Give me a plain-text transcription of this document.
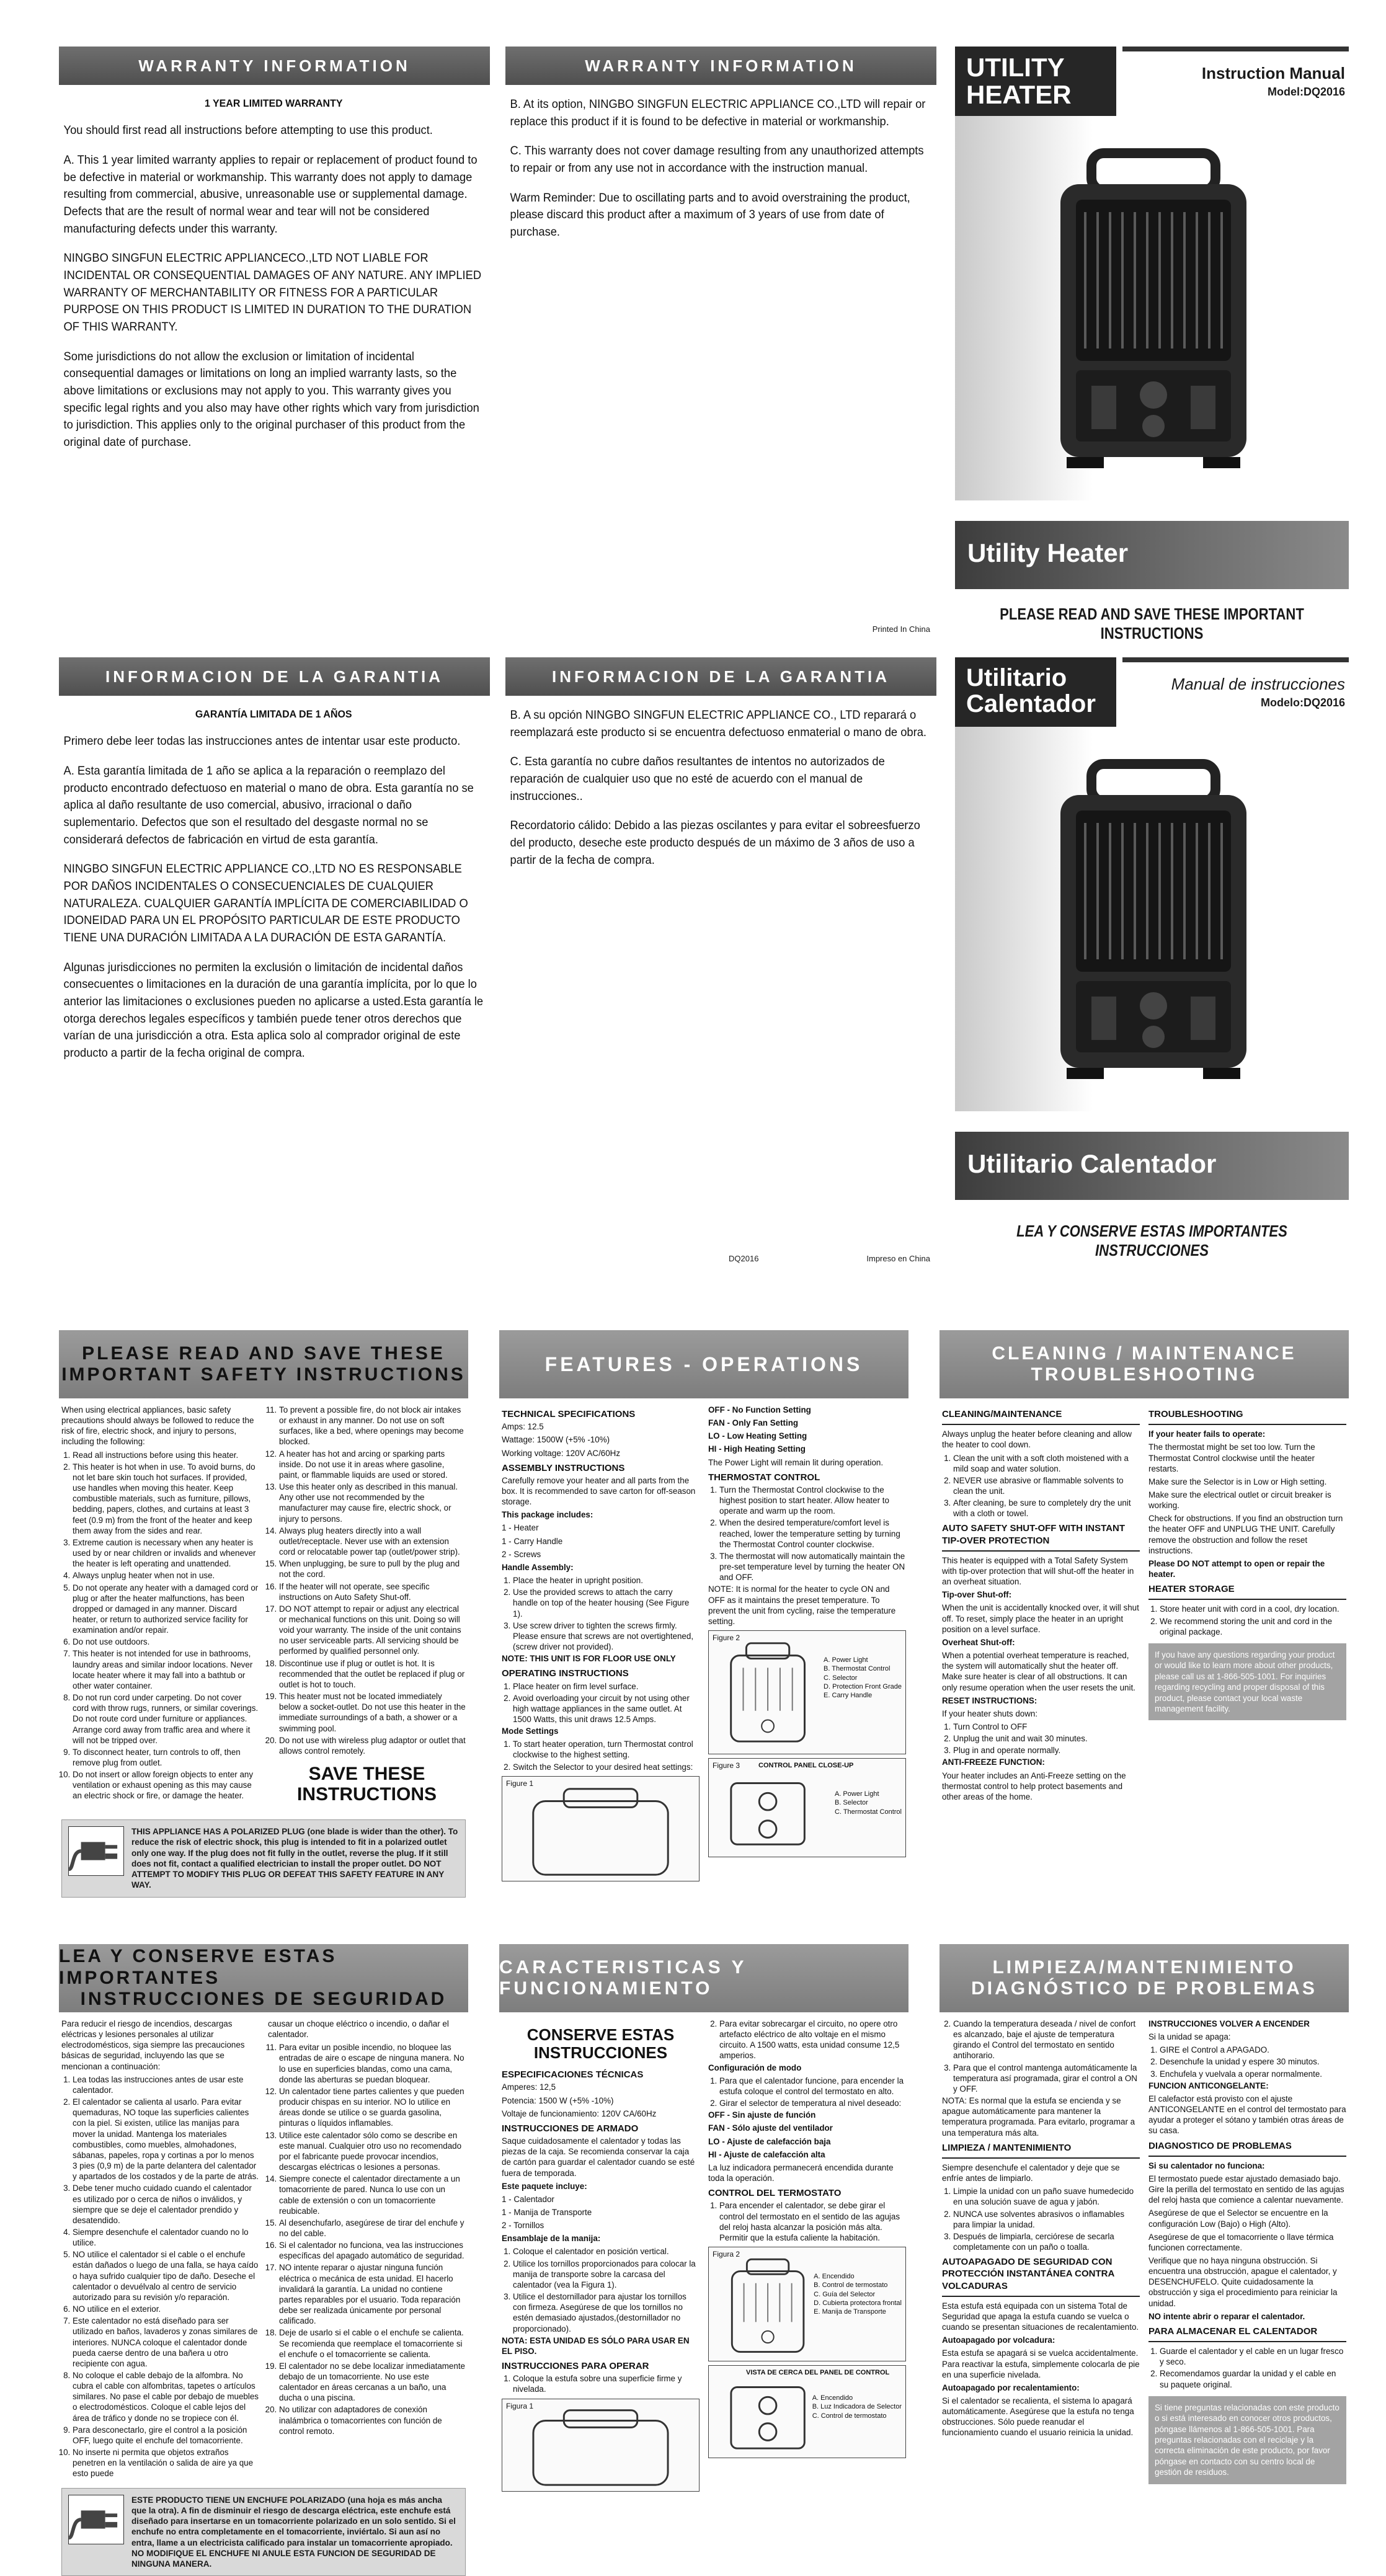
WARRANTY INFORMATION

1 YEAR LIMITED WARRANTY

You should first read all instructions before attempting to use this product.

A. This 1 year limited warranty applies to repair or replacement of product found to be defective in material or workmanship. This warranty does not apply to damage resulting from commercial, abusive, unreasonable use or supplemental damage. Defects that are the result of normal wear and tear will not be considered manufacturing defects under this warranty.

NINGBO SINGFUN ELECTRIC APPLIANCECO.,LTD NOT LIABLE FOR INCIDENTAL OR CONSEQUENTIAL DAMAGES OF ANY NATURE. ANY IMPLIED WARRANTY OF MERCHANTABILITY OR FITNESS FOR A PARTICULAR PURPOSE ON THIS PRODUCT IS LIMITED IN DURATION TO THE DURATION OF THIS WARRANTY.

Some jurisdictions do not allow the exclusion or limitation of incidental consequential damages or limitations on long an implied warranty lasts, so the above limitations or exclusions may not apply to you. This warranty gives you specific legal rights and you also may have other rights which vary from jurisdiction to jurisdiction. This applies only to the original purchaser of this product from the original date of purchase.

INFORMACION DE LA GARANTIA

GARANTÍA LIMITADA DE 1 AÑOS

Primero debe leer todas las instrucciones antes de intentar usar este producto.

A. Esta garantía limitada de 1 año se aplica a la reparación o reemplazo del producto encontrado defectuoso en material o mano de obra. Esta garantía no se aplica al daño resultante de uso comercial, abusivo, irracional o daño suplementario. Defectos que son el resultado del desgaste normal no se considerará defectos de fabricación en virtud de esta garantía.

NINGBO SINGFUN ELECTRIC APPLIANCE CO.,LTD NO ES RESPONSABLE POR DAÑOS INCIDENTALES O CONSECUENCIALES DE CUALQUIER NATURALEZA. CUALQUIER GARANTÍA IMPLÍCITA DE COMERCIABILIDAD O IDONEIDAD PARA UN EL PROPÓSITO PARTICULAR DE ESTE PRODUCTO TIENE UNA DURACIÓN LIMITADA A LA DURACIÓN DE ESTA GARANTÍA.

Algunas jurisdicciones no permiten la exclusión o limitación de incidental daños consecuentes o limitaciones en la duración de una garantía implícita, por lo que lo anterior las limitaciones o exclusiones pueden no aplicarse a usted.Esta garantía le otorga derechos legales específicos y también puede tener otros derechos que varían de una jurisdicción a otra. Esta aplica solo al comprador original de este producto a partir de la fecha original de compra.

WARRANTY INFORMATION

B. At its option, NINGBO SINGFUN ELECTRIC APPLIANCE CO.,LTD will repair or replace this product if it is found to be defective in material or workmanship.

C. This warranty does not cover damage resulting from any unauthorized attempts to repair or from any use not in accordance with the instruction manual.

Warm Reminder: Due to oscillating parts and to avoid overstraining the product, please discard this product after a maximum of 3 years of use from date of purchase.

Printed In China
INFORMACION DE LA GARANTIA

B. A su opción NINGBO SINGFUN ELECTRIC APPLIANCE CO., LTD reparará o reemplazará este producto si se encuentra defectuoso enmaterial o mano de obra.

C. Esta garantía no cubre daños resultantes de intentos no autorizados de reparación de cualquier uso que no esté de acuerdo con el manual de instrucciones..

Recordatorio cálido: Debido a las piezas oscilantes y para evitar el sobreesfuerzo del producto, deseche este producto después de un máximo de 3 años de uso a partir de la fecha de compra.

DQ2016	Impreso en China
UTILITY HEATER
Instruction Manual
Model:DQ2016
Utility Heater
PLEASE READ AND SAVE THESE IMPORTANT INSTRUCTIONS
Utilitario Calentador
Manual de instrucciones
Modelo:DQ2016
Utilitario Calentador
LEA Y CONSERVE ESTAS IMPORTANTES INSTRUCCIONES
PLEASE READ AND SAVE THESE
IMPORTANT SAFETY INSTRUCTIONS

When using electrical appliances, basic safety precautions should always be followed to reduce the risk of fire, electric shock, and injury to persons, including the following:

1. Read all instructions before using this heater.
2. This heater is hot when in use. To avoid burns, do not let bare skin touch hot surfaces. If provided, use handles when moving this heater. Keep combustible materials, such as furniture, pillows, bedding, papers, clothes, and curtains at least 3 feet (0.9 m) from the front of the heater and keep them away from the sides and rear.
3. Extreme caution is necessary when any heater is used by or near children or invalids and whenever the heater is left operating and unattended.
4. Always unplug heater when not in use.
5. Do not operate any heater with a damaged cord or plug or after the heater malfunctions, has been dropped or damaged in any manner. Discard heater, or return to authorized service facility for examination and/or repair.
6. Do not use outdoors.
7. This heater is not intended for use in bathrooms, laundry areas and similar indoor locations. Never locate heater where it may fall into a bathtub or other water container.
8. Do not run cord under carpeting. Do not cover cord with throw rugs, runners, or similar coverings. Do not route cord under furniture or appliances. Arrange cord away from traffic area and where it will not be tripped over.
9. To disconnect heater, turn controls to off, then remove plug from outlet.
10. Do not insert or allow foreign objects to enter any ventilation or exhaust opening as this may cause an electric shock or fire, or damage the heater.
11. To prevent a possible fire, do not block air intakes or exhaust in any manner. Do not use on soft surfaces, like a bed, where openings may become blocked.
12. A heater has hot and arcing or sparking parts inside. Do not use it in areas where gasoline, paint, or flammable liquids are used or stored.
13. Use this heater only as described in this manual. Any other use not recommended by the manufacturer may cause fire, electric shock, or injury to persons.
14. Always plug heaters directly into a wall outlet/receptacle. Never use with an extension cord or relocatable power tap (outlet/power strip).
15. When unplugging, be sure to pull by the plug and not the cord.
16. If the heater will not operate, see specific instructions on Auto Safety Shut-off.
17. DO NOT attempt to repair or adjust any electrical or mechanical functions on this unit. Doing so will void your warranty. The inside of the unit contains no user serviceable parts. All servicing should be performed by qualified personnel only.
18. Discontinue use if plug or outlet is hot. It is recommended that the outlet be replaced if plug or outlet is hot to touch.
19. This heater must not be located immediately below a socket-outlet. Do not use this heater in the immediate surroundings of a bath, a shower or a swimming pool.
20. Do not use with wireless plug adaptor or outlet that allows control remotely.
SAVE THESE INSTRUCTIONS
THIS APPLIANCE HAS A POLARIZED PLUG (one blade is wider than the other). To reduce the risk of electric shock, this plug is intended to fit in a polarized outlet only one way. If the plug does not fit fully in the outlet, reverse the plug. If it still does not fit, contact a qualified electrician to install the proper outlet. DO NOT ATTEMPT TO MODIFY THIS PLUG OR DEFEAT THIS SAFETY FEATURE IN ANY WAY.
LEA Y CONSERVE ESTAS IMPORTANTES
INSTRUCCIONES DE SEGURIDAD

Para reducir el riesgo de incendios, descargas eléctricas y lesiones personales al utilizar electrodomésticos, siga siempre las precauciones básicas de seguridad, incluyendo las que se mencionan a continuación:

1. Lea todas las instrucciones antes de usar este calentador.
2. El calentador se calienta al usarlo. Para evitar quemaduras, NO toque las superficies calientes con la piel. Si existen, utilice las manijas para mover la unidad. Mantenga los materiales combustibles, como muebles, almohadones, sábanas, papeles, ropa y cortinas a por lo menos 3 pies (0,9 m) de la parte delantera del calentador y apartados de los costados y de la parte de atrás.
3. Debe tener mucho cuidado cuando el calentador es utilizado por o cerca de niños o inválidos, y siempre que se deje el calentador prendido y desatendido.
4. Siempre desenchufe el calentador cuando no lo utilice.
5. NO utilice el calentador si el cable o el enchufe están dañados o luego de una falla, se haya caído o haya sufrido cualquier tipo de daño. Deseche el calentador o devuélvalo al centro de servicio autorizado para su revisión y/o reparación.
6. NO utilice en el exterior.
7. Este calentador no está diseñado para ser utilizado en baños, lavaderos y zonas similares de interiores. NUNCA coloque el calentador donde pueda caerse dentro de una bañera u otro recipiente con agua.
8. No coloque el cable debajo de la alfombra. No cubra el cable con alfombritas, tapetes o artículos similares. No pase el cable por debajo de muebles o electrodomésticos. Coloque el cable lejos del área de tráfico y donde no se tropiece con él.
9. Para desconectarlo, gire el control a la posición OFF, luego quite el enchufe del tomacorriente.
10. No inserte ni permita que objetos extraños penetren en la ventilación o salida de aire ya que esto puede

causar un choque eléctrico o incendio, o dañar el calentador.

11. Para evitar un posible incendio, no bloquee las entradas de aire o escape de ninguna manera. No lo use en superficies blandas, como una cama, donde las aberturas se puedan bloquear.
12. Un calentador tiene partes calientes y que pueden producir chispas en su interior. NO lo utilice en áreas donde se utilice o se guarda gasolina, pinturas o líquidos inflamables.
13. Utilice este calentador sólo como se describe en este manual. Cualquier otro uso no recomendado por el fabricante puede provocar incendios, descargas eléctricas o lesiones a personas.
14. Siempre conecte el calentador directamente a un tomacorriente de pared. Nunca lo use con un cable de extensión o con un tomacorriente reubicable.
15. Al desenchufarlo, asegúrese de tirar del enchufe y no del cable.
16. Si el calentador no funciona, vea las instrucciones específicas del apagado automático de seguridad.
17. NO intente reparar o ajustar ninguna función eléctrica o mecánica de esta unidad. El hacerlo invalidará la garantía. La unidad no contiene partes reparables por el usuario. Toda reparación debe ser realizada únicamente por personal calificado.
18. Deje de usarlo si el cable o el enchufe se calienta. Se recomienda que reemplace el tomacorriente si el enchufe o el tomacorriente se calienta.
19. El calentador no se debe localizar inmediatamente debajo de un tomacorriente. No use este calentador en áreas cercanas a un baño, una ducha o una piscina.
20. No utilizar con adaptadores de conexión inalámbrica o tomacorrientes con función de control remoto.
ESTE PRODUCTO TIENE UN ENCHUFE POLARIZADO (una hoja es más ancha que la otra). A fin de disminuir el riesgo de descarga eléctrica, este enchufe está diseñado para insertarse en un tomacorriente polarizado en un solo sentido. Si el enchufe no entra completamente en el tomacorriente, inviértalo. Si aun así no entra, llame a un electricista calificado para instalar un tomacorriente apropiado. NO MODIFIQUE EL ENCHUFE NI ANULE ESTA FUNCION DE SEGURIDAD DE NINGUNA MANERA.
FEATURES - OPERATIONS
TECHNICAL SPECIFICATIONS

Amps: 12.5

Wattage: 1500W (+5% -10%)

Working voltage: 120V AC/60Hz

ASSEMBLY INSTRUCTIONS

Carefully remove your heater and all parts from the box. It is recommended to save carton for off-season storage.

This package includes:

1 - Heater

1 - Carry Handle

2 - Screws

Handle Assembly:

1. Place the heater in upright position.
2. Use the provided screws to attach the carry handle on top of the heater housing (See Figure 1).
3. Use screw driver to tighten the screws firmly. Please ensure that screws are not overtightened, (screw driver not provided).

NOTE: THIS UNIT IS FOR FLOOR USE ONLY

OPERATING INSTRUCTIONS
1. Place heater on firm level surface.
2. Avoid overloading your circuit by not using other high wattage appliances in the same outlet. At 1500 Watts, this unit draws 12.5 Amps.

Mode Settings

1. To start heater operation, turn Thermostat control clockwise to the highest setting.
2. Switch the Selector to your desired heat settings:
Figure 1

OFF - No Function Setting

FAN - Only Fan Setting

LO - Low Heating Setting

HI - High Heating Setting

The Power Light will remain lit during operation.

THERMOSTAT CONTROL
1. Turn the Thermostat Control clockwise to the highest position to start heater. Allow heater to operate and warm up the room.
2. When the desired temperature/comfort level is reached, lower the temperature setting by turning the Thermostat Control counter clockwise.
3. The thermostat will now automatically maintain the pre-set temperature level by turning the heater ON and OFF.

NOTE: It is normal for the heater to cycle ON and OFF as it maintains the preset temperature. To prevent the unit from cycling, raise the temperature setting.

Figure 2
A. Power Light
B. Thermostat Control
C. Selector
D. Protection Front Grade
E. Carry Handle
Figure 3	CONTROL PANEL CLOSE-UP
A. Power Light
B. Selector
C. Thermostat Control
CARACTERISTICAS Y FUNCIONAMIENTO
CONSERVE ESTAS INSTRUCCIONES
ESPECIFICACIONES TÉCNICAS

Amperes: 12,5

Potencia: 1500 W (+5% -10%)

Voltaje de funcionamiento: 120V CA/60Hz

INSTRUCCIONES DE ARMADO

Saque cuidadosamente el calentador y todas las piezas de la caja. Se recomienda conservar la caja de cartón para guardar el calentador cuando se esté fuera de temporada.

Este paquete incluye:

1 - Calentador

1 - Manija de Transporte

2 - Tornillos

Ensamblaje de la manija:

1. Coloque el calentador en posición vertical.
2. Utilice los tornillos proporcionados para colocar la manija de transporte sobre la carcasa del calentador (vea la Figura 1).
3. Utilice el destornillador para ajustar los tornillos con firmeza. Asegúrese de que los tornillos no estén demasiado ajustados,(destornillador no proporcionado).

NOTA: ESTA UNIDAD ES SÓLO PARA USAR EN EL PISO.

INSTRUCCIONES PARA OPERAR
1. Coloque la estufa sobre una superficie firme y nivelada.
Figura 1
2. Para evitar sobrecargar el circuito, no opere otro artefacto eléctrico de alto voltaje en el mismo circuito. A 1500 watts, esta unidad consume 12,5 amperios.

Configuración de modo

1. Para que el calentador funcione, para encender la estufa coloque el control del termostato en alto.
2. Girar el selector de temperatura al nivel deseado:

OFF - Sin ajuste de función

FAN - Sólo ajuste del ventilador

LO - Ajuste de calefacción baja

HI - Ajuste de calefacción alta

La luz indicadora permanecerá encendida durante toda la operación.

CONTROL DEL TERMOSTATO
1. Para encender el calentador, se debe girar el control del termostato en el sentido de las agujas del reloj hasta alcanzar la posición más alta. Permitir que la estufa caliente la habitación.
Figura 2
A. Encendido
B. Control de termostato
C. Guía del Selector
D. Cubierta protectora frontal
E. Manija de Transporte
VISTA DE CERCA DEL PANEL DE CONTROL
A. Encendido
B. Luz Indicadora de Selector
C. Control de termostato
CLEANING / MAINTENANCE
TROUBLESHOOTING
CLEANING/MAINTENANCE

Always unplug the heater before cleaning and allow the heater to cool down.

1. Clean the unit with a soft cloth moistened with a mild soap and water solution.
2. NEVER use abrasive or flammable solvents to clean the unit.
3. After cleaning, be sure to completely dry the unit with a cloth or towel.
AUTO SAFETY SHUT-OFF WITH INSTANT TIP-OVER PROTECTION

This heater is equipped with a Total Safety System with tip-over protection that will shut-off the heater in an overheat situation.

Tip-over Shut-off:

When the unit is accidentally knocked over, it will shut off. To reset, simply place the heater in an upright position on a level surface.

Overheat Shut-off:

When a potential overheat temperature is reached, the system will automatically shut the heater off. Make sure heater is clear of all obstructions. It can only resume operation when the user resets the unit.

RESET INSTRUCTIONS:

If your heater shuts down:

1. Turn Control to OFF
2. Unplug the unit and wait 30 minutes.
3. Plug in and operate normally.

ANTI-FREEZE FUNCTION:

Your heater includes an Anti-Freeze setting on the thermostat control to help protect basements and other areas of the home.

TROUBLESHOOTING

If your heater fails to operate:

The thermostat might be set too low. Turn the Thermostat Control clockwise until the heater restarts.

Make sure the Selector is in Low or High setting.

Make sure the electrical outlet or circuit breaker is working.

Check for obstructions. If you find an obstruction turn the heater OFF and UNPLUG THE UNIT. Carefully remove the obstruction and follow the reset instructions.

Please DO NOT attempt to open or repair the heater.

HEATER STORAGE
1. Store heater unit with cord in a cool, dry location.
2. We recommend storing the unit and cord in the original package.
If you have any questions regarding your product or would like to learn more about other products, please call us at 1-866-505-1001. For inquiries regarding recycling and proper disposal of this product, please contact your local waste management facility.
LIMPIEZA/MANTENIMIENTO
DIAGNÓSTICO DE PROBLEMAS
2. Cuando la temperatura deseada / nivel de confort es alcanzado, baje el ajuste de temperatura girando el Control del termostato en sentido antihorario.
3. Para que el control mantenga automáticamente la temperatura así programada, girar el control a ON y OFF.

NOTA: Es normal que la estufa se encienda y se apague automáticamente para mantener la temperatura programada. Para evitarlo, programar a una temperatura más alta.

LIMPIEZA / MANTENIMIENTO

Siempre desenchufe el calentador y deje que se enfríe antes de limpiarlo.

1. Limpie la unidad con un paño suave humedecido en una solución suave de agua y jabón.
2. NUNCA use solventes abrasivos o inflamables para limpiar la unidad.
3. Después de limpiarla, cerciórese de secarla completamente con un paño o toalla.
AUTOAPAGADO DE SEGURIDAD CON PROTECCIÓN INSTANTÁNEA CONTRA VOLCADURAS

Esta estufa está equipada con un sistema Total de Seguridad que apaga la estufa cuando se vuelca o cuando se presentan situaciones de recalentamiento.

Autoapagado por volcadura:

Esta estufa se apagará si se vuelca accidentalmente. Para reactivar la estufa, simplemente colocarla de pie en una superficie nivelada.

Autoapagado por recalentamiento:

Si el calentador se recalienta, el sistema lo apagará automáticamente. Asegúrese que la estufa no tenga obstrucciones. Sólo puede reanudar el funcionamiento cuando el usuario reinicia la unidad.

INSTRUCCIONES VOLVER A ENCENDER

Si la unidad se apaga:

1. GIRE el Control a APAGADO.
2. Desenchufe la unidad y espere 30 minutos.
3. Enchufela y vuelvala a operar normalmente.

FUNCION ANTICONGELANTE:

El calefactor está provisto con el ajuste ANTICONGELANTE en el control del termostato para ayudar a proteger el sótano y también otras áreas de su casa.

DIAGNOSTICO DE PROBLEMAS

Si su calentador no funciona:

El termostato puede estar ajustado demasiado bajo. Gire la perilla del termostato en sentido de las agujas del reloj hasta que comience a calentar nuevamente.

Asegúrese de que el Selector se encuentre en la configuración Low (Bajo) o High (Alto).

Asegúrese de que el tomacorriente o llave térmica funcionen correctamente.

Verifique que no haya ninguna obstrucción. Si encuentra una obstrucción, apague el calentador, y DESENCHUFELO. Quite cuidadosamente la obstrucción y siga el procedimiento para reiniciar la unidad.

NO intente abrir o reparar el calentador.

PARA ALMACENAR EL CALENTADOR
1. Guarde el calentador y el cable en un lugar fresco y seco.
2. Recomendamos guardar la unidad y el cable en su paquete original.
Si tiene preguntas relacionadas con este producto o si está interesado en conocer otros productos, póngase llámenos al 1-866-505-1001. Para preguntas relacionadas con el reciclaje y la correcta eliminación de este producto, por favor póngase en contacto con su centro local de gestión de residuos.
